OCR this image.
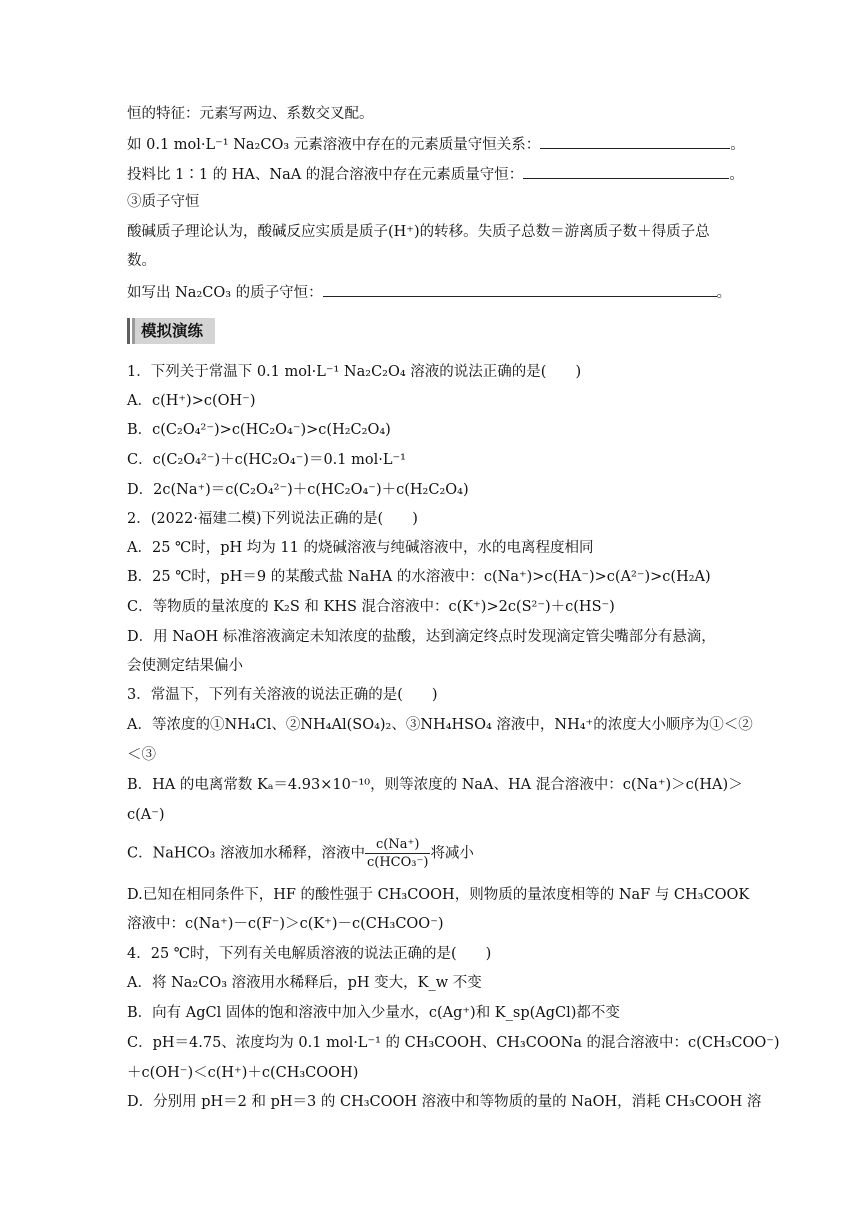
恒的特征：元素写两边、系数交叉配。
如 0.1 mol·L⁻¹ Na₂CO₃ 元素溶液中存在的元素质量守恒关系：	。
投料比 1∶1 的 HA、NaA 的混合溶液中存在元素质量守恒：	。
③质子守恒
酸碱质子理论认为，酸碱反应实质是质子(H⁺)的转移。失质子总数＝游离质子数＋得质子总
数。
如写出 Na₂CO₃ 的质子守恒：	。
模拟演练
1．下列关于常温下 0.1 mol·L⁻¹ Na₂C₂O₄ 溶液的说法正确的是(　　)
A．c(H⁺)>c(OH⁻)
B．c(C₂O₄²⁻)>c(HC₂O₄⁻)>c(H₂C₂O₄)
C．c(C₂O₄²⁻)＋c(HC₂O₄⁻)＝0.1 mol·L⁻¹
D．2c(Na⁺)＝c(C₂O₄²⁻)＋c(HC₂O₄⁻)＋c(H₂C₂O₄)
2．(2022·福建二模)下列说法正确的是(　　)
A．25 ℃时，pH 均为 11 的烧碱溶液与纯碱溶液中，水的电离程度相同
B．25 ℃时，pH＝9 的某酸式盐 NaHA 的水溶液中：c(Na⁺)>c(HA⁻)>c(A²⁻)>c(H₂A)
C．等物质的量浓度的 K₂S 和 KHS 混合溶液中：c(K⁺)>2c(S²⁻)＋c(HS⁻)
D．用 NaOH 标准溶液滴定未知浓度的盐酸，达到滴定终点时发现滴定管尖嘴部分有悬滴，
会使测定结果偏小
3．常温下，下列有关溶液的说法正确的是(　　)
A．等浓度的①NH₄Cl、②NH₄Al(SO₄)₂、③NH₄HSO₄ 溶液中，NH₄⁺的浓度大小顺序为①＜②
＜③
B．HA 的电离常数 Kₐ＝4.93×10⁻¹⁰，则等浓度的 NaA、HA 混合溶液中：c(Na⁺)＞c(HA)＞
c(A⁻)
C．NaHCO₃ 溶液加水稀释，溶液中 $\frac{c(Na^+)}{\text{c(HCO₃⁻)}}$ 将减小
D.已知在相同条件下，HF 的酸性强于 CH₃COOH，则物质的量浓度相等的 NaF 与 CH₃COOK
溶液中：c(Na⁺)－c(F⁻)＞c(K⁺)－c(CH₃COO⁻)
4．25 ℃时，下列有关电解质溶液的说法正确的是(　　)
A．将 Na₂CO₃ 溶液用水稀释后，pH 变大，K_w 不变
B．向有 AgCl 固体的饱和溶液中加入少量水，c(Ag⁺)和 K_sp(AgCl)都不变
C．pH＝4.75、浓度均为 0.1 mol·L⁻¹ 的 CH₃COOH、CH₃COONa 的混合溶液中：c(CH₃COO⁻)
＋c(OH⁻)＜c(H⁺)＋c(CH₃COOH)
D．分别用 pH＝2 和 pH＝3 的 CH₃COOH 溶液中和等物质的量的 NaOH，消耗 CH₃COOH 溶
